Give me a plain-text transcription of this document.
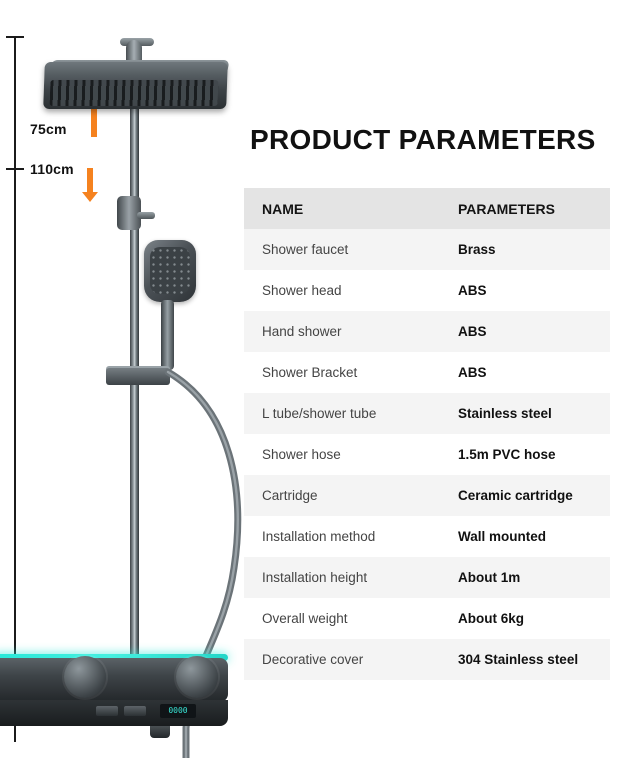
75cm
110cm
0000
PRODUCT PARAMETERS
NAME	PARAMETERS
Shower faucet	Brass
Shower head	ABS
Hand shower	ABS
Shower Bracket	ABS
L tube/shower tube	Stainless steel
Shower hose	1.5m PVC hose
Cartridge	Ceramic cartridge
Installation method	Wall mounted
Installation height	About 1m
Overall weight	About 6kg
Decorative cover	304 Stainless steel
